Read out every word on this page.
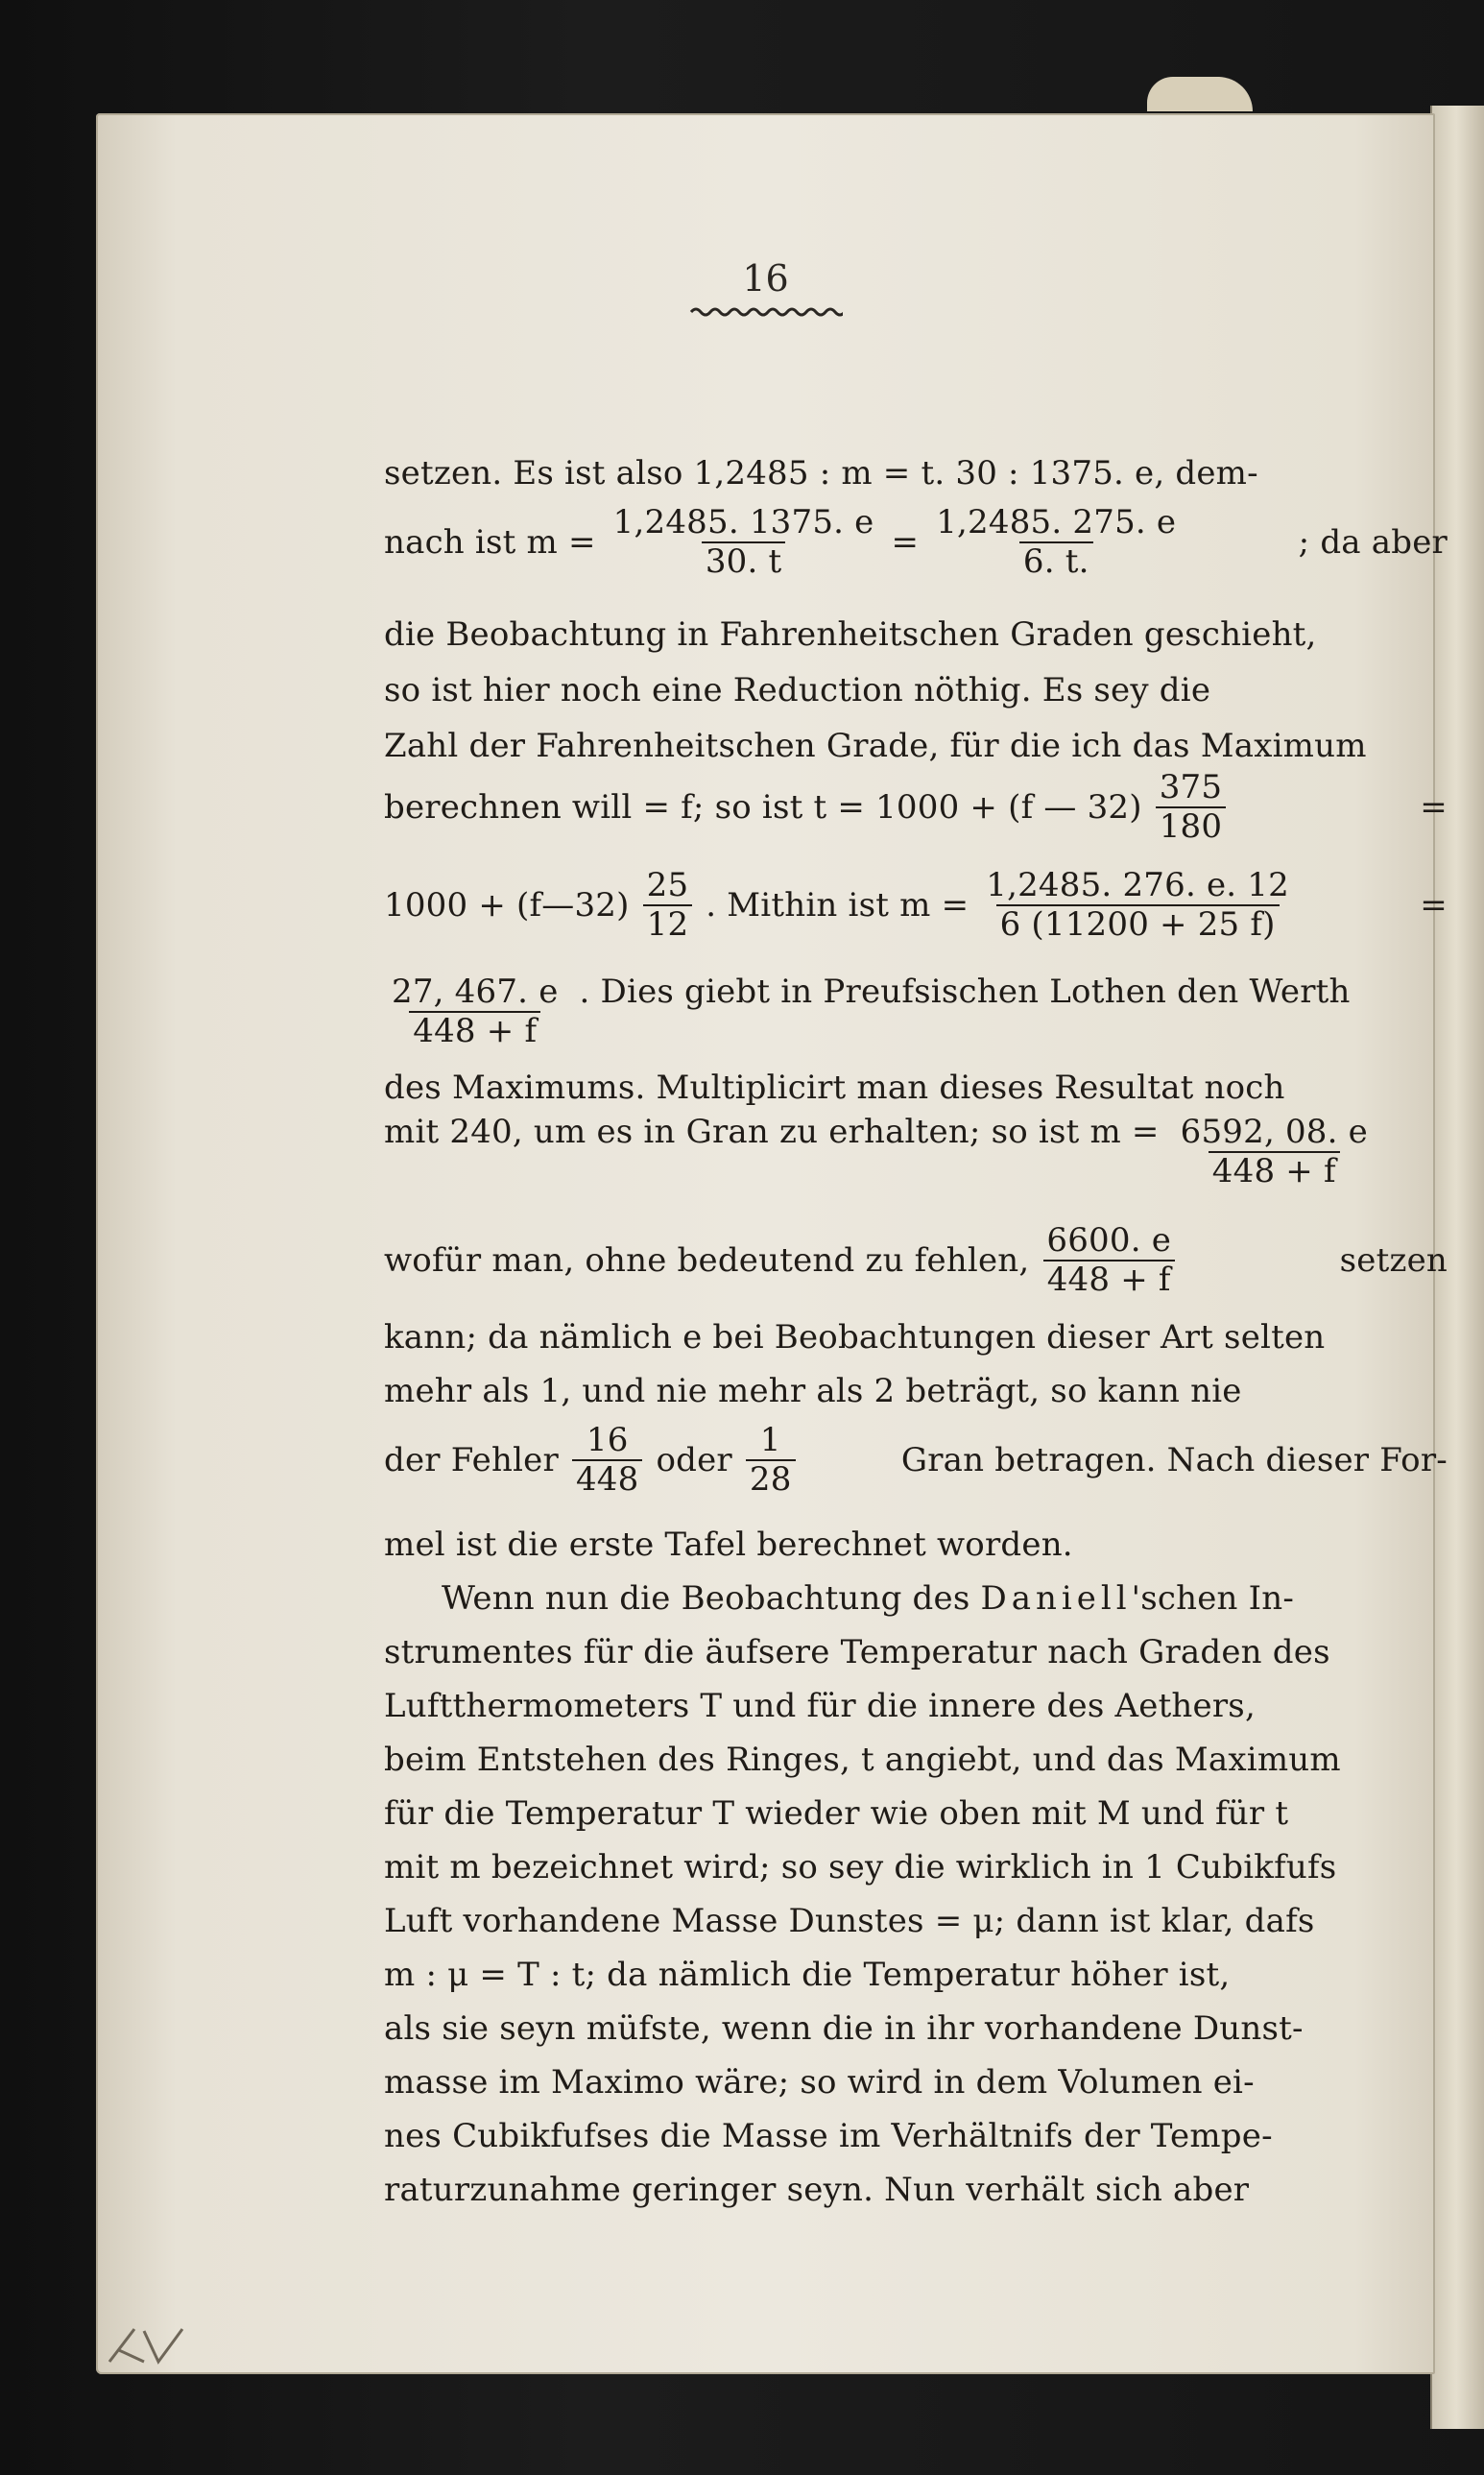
16
setzen. Es ist also 1,2485 : m = t. 30 : 1375. e, dem-
nach ist $m = \frac{1,2485. 1375. e}{30. t} = \frac{1,2485. 275. e}{6. t.}$	; da aber
die Beobachtung in Fahrenheitschen Graden geschieht,
so ist hier noch eine Reduction nöthig. Es sey die
Zahl der Fahrenheitschen Grade, für die ich das Maximum
berechnen will = f; so ist t = 1000 + (f — $32) \frac{375}{180}$	=
1000 + (f—32) $\frac{25}{12}$ . Mithin ist $m = \frac{1,2485. 276. e. 12}{6 (11200 + 25 f)}$	=
$\frac{27, 467. e}{448 + f}$ . Dies giebt in Preufsischen Lothen den Werth
des Maximums. Multiplicirt man dieses Resultat noch
mit 240, um es in Gran zu erhalten; so ist $m = \frac{6592, 08. e}{448 + f}$
wofür man, ohne bedeutend zu fehlen, $\frac{6600. e}{448 + f}$	setzen
kann; da nämlich e bei Beobachtungen dieser Art selten
mehr als 1, und nie mehr als 2 beträgt, so kann nie
der Fehler $\frac{16}{448}$ oder $\frac{1}{28}$	Gran betragen. Nach dieser For-
mel ist die erste Tafel berechnet worden.
Wenn nun die Beobachtung des Daniell'schen In-
strumentes für die äufsere Temperatur nach Graden des
Luftthermometers T und für die innere des Aethers,
beim Entstehen des Ringes, t angiebt, und das Maximum
für die Temperatur T wieder wie oben mit M und für t
mit m bezeichnet wird; so sey die wirklich in 1 Cubikfufs
Luft vorhandene Masse Dunstes = μ; dann ist klar, dafs
m : μ = T : t; da nämlich die Temperatur höher ist,
als sie seyn müfste, wenn die in ihr vorhandene Dunst-
masse im Maximo wäre; so wird in dem Volumen ei-
nes Cubikfufses die Masse im Verhältnifs der Tempe-
raturzunahme geringer seyn. Nun verhält sich aber
